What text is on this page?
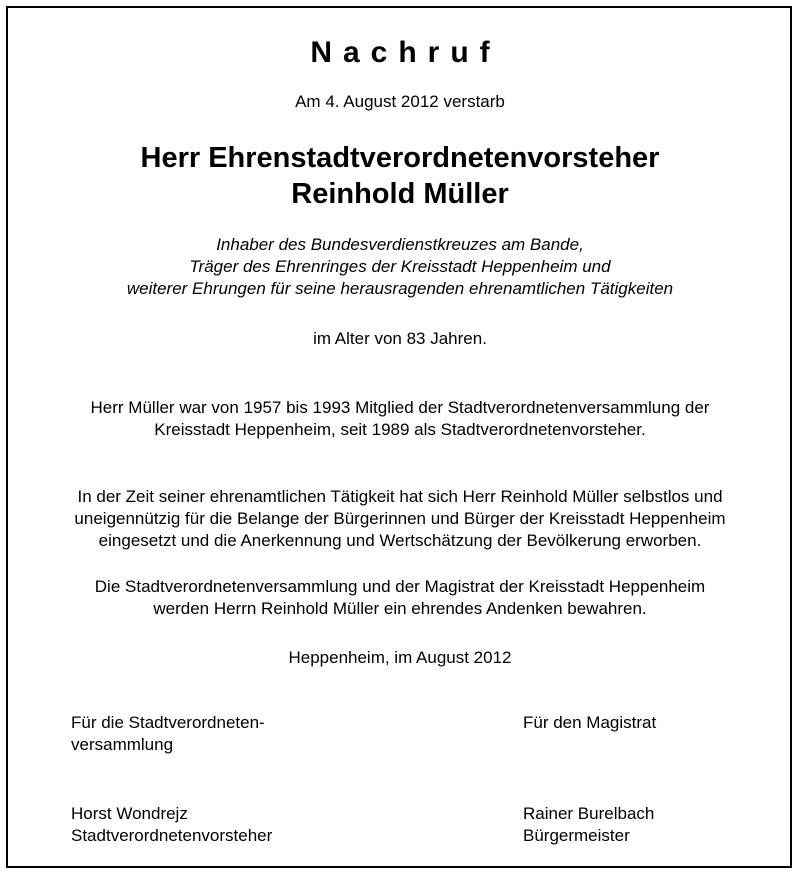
Nachruf
Am 4. August 2012 verstarb
Herr Ehrenstadtverordnetenvorsteher
Reinhold Müller
Inhaber des Bundesverdienstkreuzes am Bande,
Träger des Ehrenringes der Kreisstadt Heppenheim und
weiterer Ehrungen für seine herausragenden ehrenamtlichen Tätigkeiten
im Alter von 83 Jahren.
Herr Müller war von 1957 bis 1993 Mitglied der Stadtverordnetenversammlung der
Kreisstadt Heppenheim, seit 1989 als Stadtverordnetenvorsteher.
In der Zeit seiner ehrenamtlichen Tätigkeit hat sich Herr Reinhold Müller selbstlos und
uneigennützig für die Belange der Bürgerinnen und Bürger der Kreisstadt Heppenheim
eingesetzt und die Anerkennung und Wertschätzung der Bevölkerung erworben.
Die Stadtverordnetenversammlung und der Magistrat der Kreisstadt Heppenheim
werden Herrn Reinhold Müller ein ehrendes Andenken bewahren.
Heppenheim, im August 2012
Für die Stadtverordneten-
versammlung
Für den Magistrat
Horst Wondrejz
Stadtverordnetenvorsteher
Rainer Burelbach
Bürgermeister
